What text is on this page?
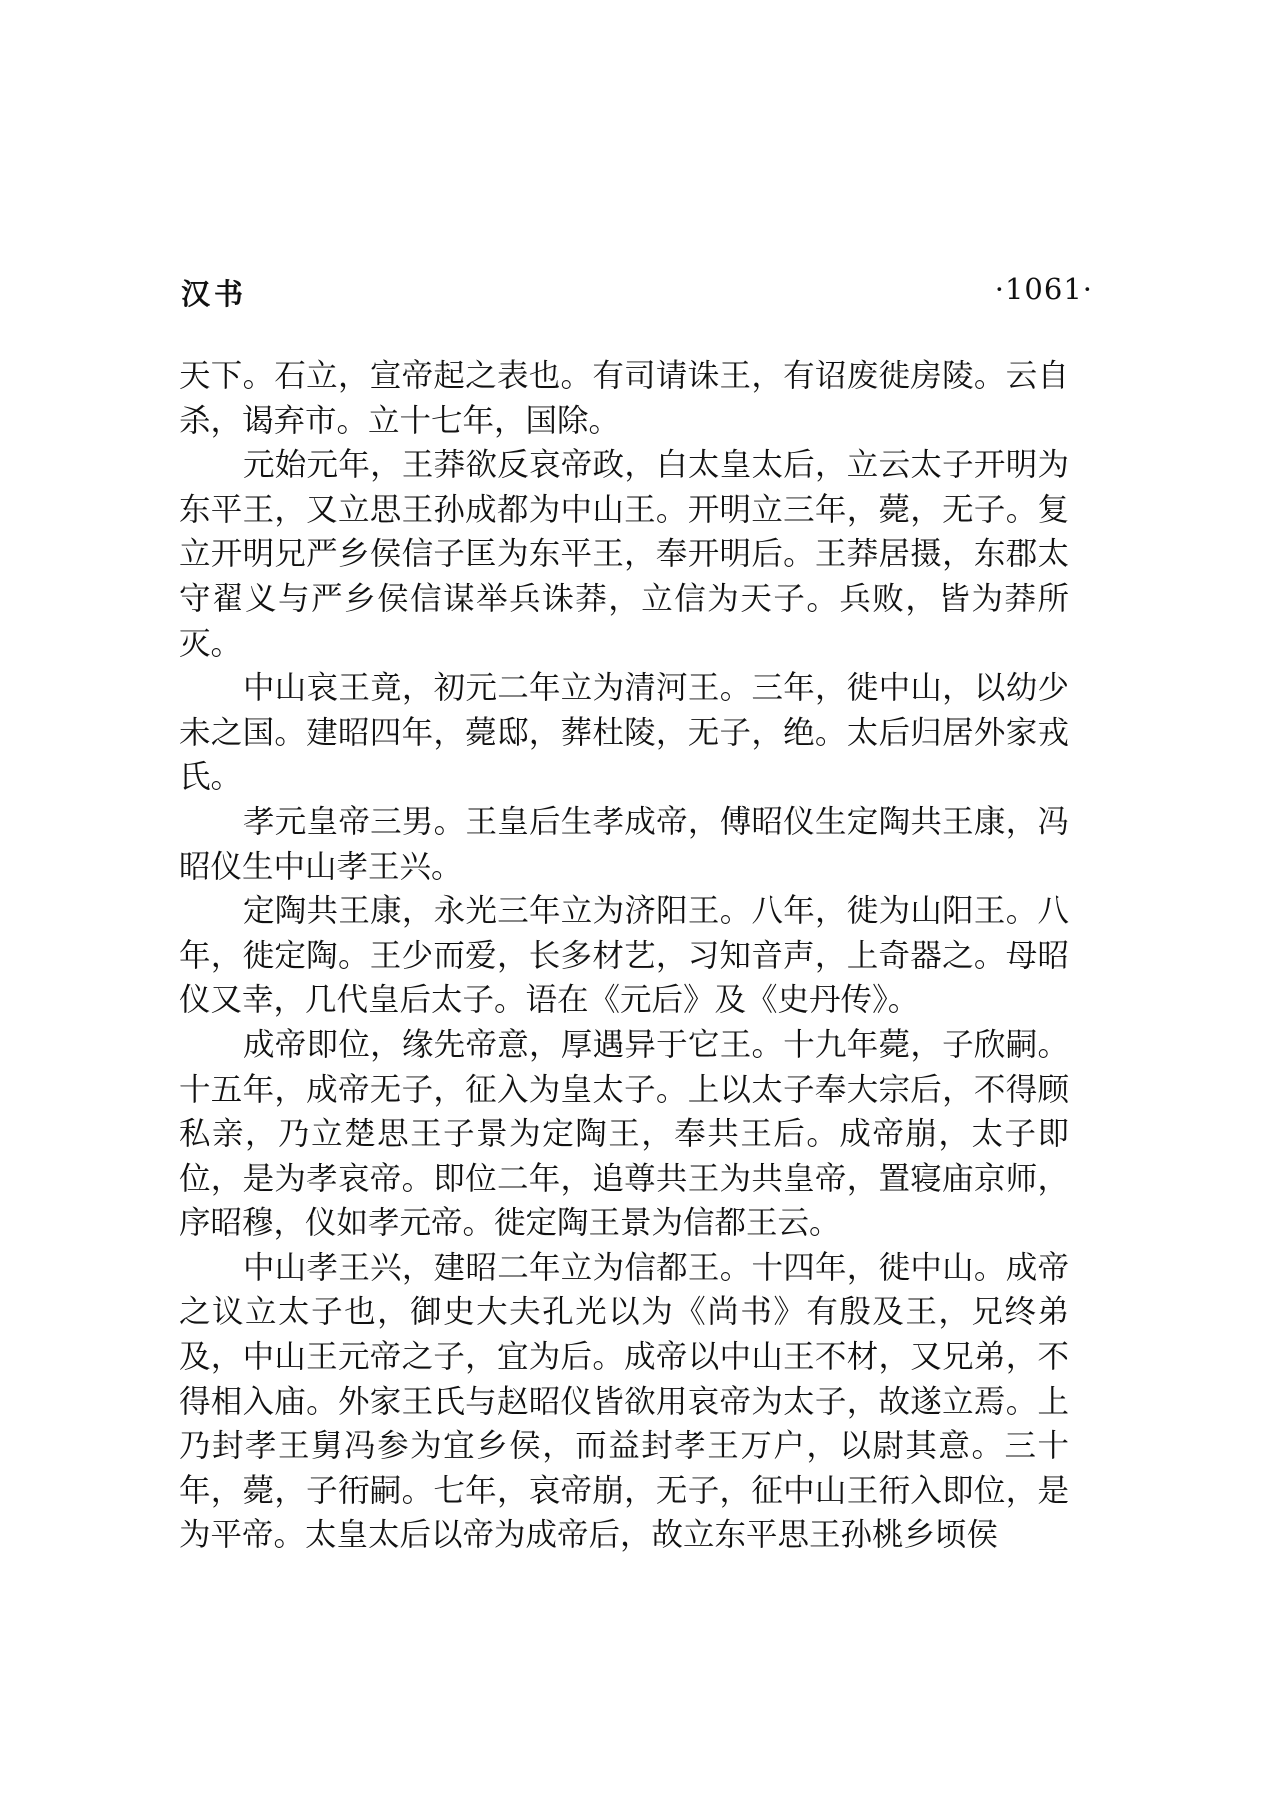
汉书	·1061·

天下。石立，宣帝起之表也。有司请诛王，有诏废徙房陵。云自杀，谒弃市。立十七年，国除。

元始元年，王莽欲反哀帝政，白太皇太后，立云太子开明为东平王，又立思王孙成都为中山王。开明立三年，薨，无子。复立开明兄严乡侯信子匡为东平王，奉开明后。王莽居摄，东郡太守翟义与严乡侯信谋举兵诛莽，立信为天子。兵败，皆为莽所灭。

中山哀王竟，初元二年立为清河王。三年，徙中山，以幼少未之国。建昭四年，薨邸，葬杜陵，无子，绝。太后归居外家戎氏。

孝元皇帝三男。王皇后生孝成帝，傅昭仪生定陶共王康，冯昭仪生中山孝王兴。

定陶共王康，永光三年立为济阳王。八年，徙为山阳王。八年，徙定陶。王少而爱，长多材艺，习知音声，上奇器之。母昭仪又幸，几代皇后太子。语在《元后》及《史丹传》。

成帝即位，缘先帝意，厚遇异于它王。十九年薨，子欣嗣。十五年，成帝无子，征入为皇太子。上以太子奉大宗后，不得顾私亲，乃立楚思王子景为定陶王，奉共王后。成帝崩，太子即位，是为孝哀帝。即位二年，追尊共王为共皇帝，置寝庙京师，序昭穆，仪如孝元帝。徙定陶王景为信都王云。

中山孝王兴，建昭二年立为信都王。十四年，徙中山。成帝之议立太子也，御史大夫孔光以为《尚书》有殷及王，兄终弟及，中山王元帝之子，宜为后。成帝以中山王不材，又兄弟，不得相入庙。外家王氏与赵昭仪皆欲用哀帝为太子，故遂立焉。上乃封孝王舅冯参为宜乡侯，而益封孝王万户，以尉其意。三十年，薨，子衎嗣。七年，哀帝崩，无子，征中山王衎入即位，是为平帝。太皇太后以帝为成帝后，故立东平思王孙桃乡顷侯
